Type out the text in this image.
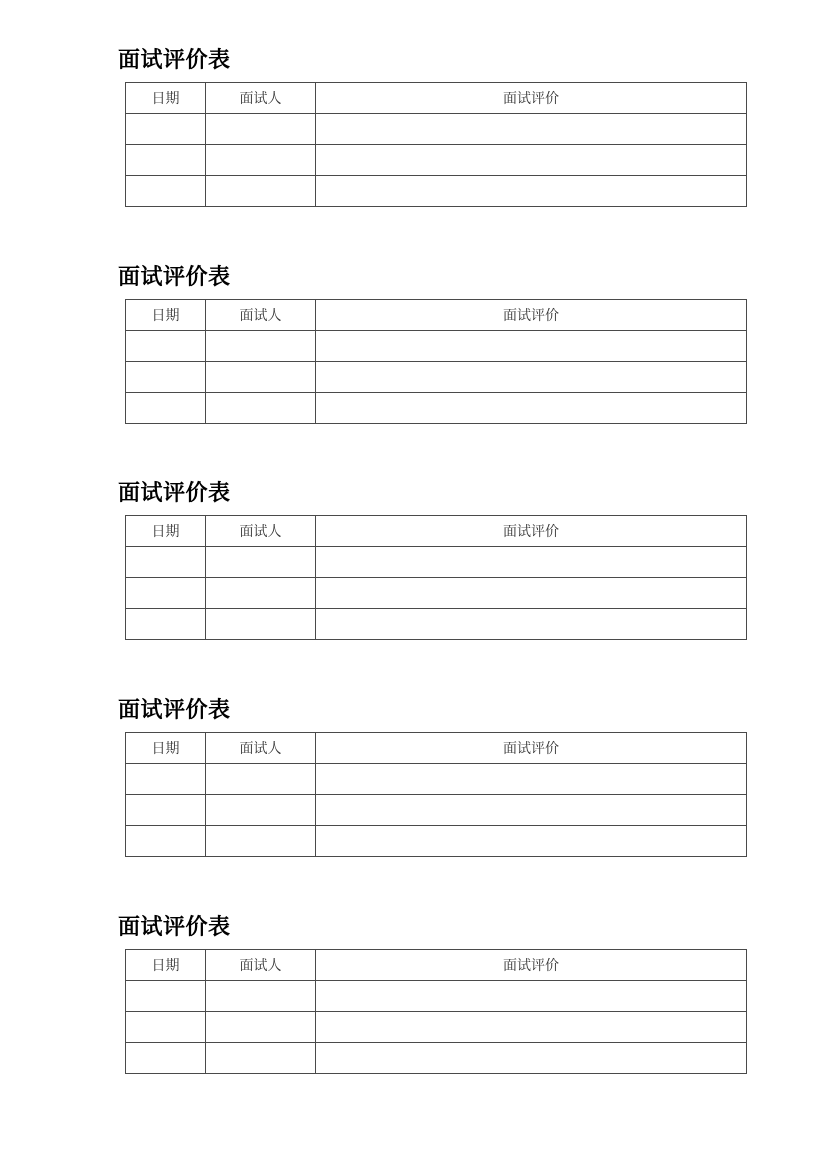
面试评价表
日期	面试人	面试评价

面试评价表
日期	面试人	面试评价

面试评价表
日期	面试人	面试评价

面试评价表
日期	面试人	面试评价

面试评价表
日期	面试人	面试评价
